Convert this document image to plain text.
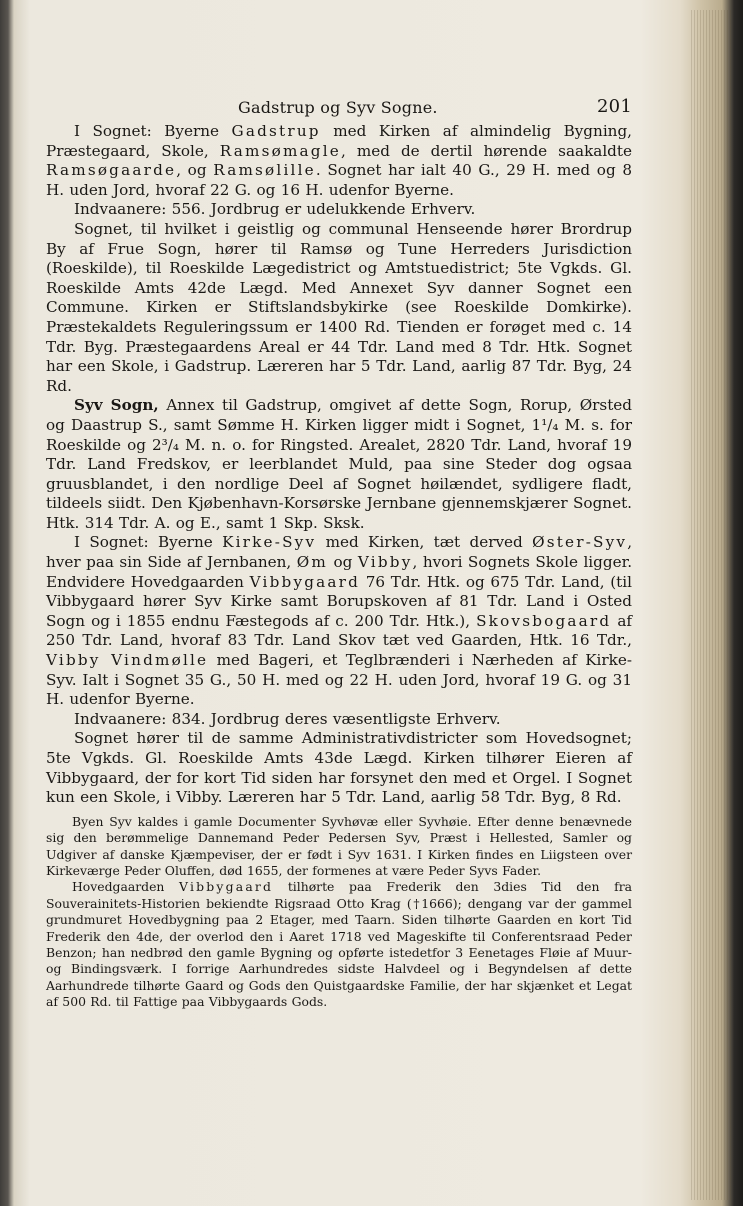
Gadstrup og Syv Sogne.	201

I Sognet: Byerne Gadstrup med Kirken af almindelig Bygning, Præstegaard, Skole, Ramsømagle, med de dertil hørende saakaldte Ramsøgaarde, og Ramsølille. Sognet har ialt 40 G., 29 H. med og 8 H. uden Jord, hvoraf 22 G. og 16 H. udenfor Byerne.

Indvaanere: 556. Jordbrug er udelukkende Erhverv.

Sognet, til hvilket i geistlig og communal Henseende hører Brordrup By af Frue Sogn, hører til Ramsø og Tune Herreders Jurisdiction (Roeskilde), til Roeskilde Lægedistrict og Amtstuedistrict; 5te Vgkds. Gl. Roeskilde Amts 42de Lægd. Med Annexet Syv danner Sognet een Commune. Kirken er Stiftslandsbykirke (see Roeskilde Domkirke). Præstekaldets Reguleringssum er 1400 Rd. Tienden er forøget med c. 14 Tdr. Byg. Præstegaardens Areal er 44 Tdr. Land med 8 Tdr. Htk. Sognet har een Skole, i Gadstrup. Læreren har 5 Tdr. Land, aarlig 87 Tdr. Byg, 24 Rd.

Syv Sogn, Annex til Gadstrup, omgivet af dette Sogn, Rorup, Ørsted og Daastrup S., samt Sømme H. Kirken ligger midt i Sognet, 1¹/₄ M. s. for Roeskilde og 2³/₄ M. n. o. for Ringsted. Arealet, 2820 Tdr. Land, hvoraf 19 Tdr. Land Fredskov, er leerblandet Muld, paa sine Steder dog ogsaa gruusblandet, i den nordlige Deel af Sognet høilændet, sydligere fladt, tildeels siidt. Den Kjøbenhavn-Korsørske Jernbane gjennemskjærer Sognet. Htk. 314 Tdr. A. og E., samt 1 Skp. Sksk.

I Sognet: Byerne Kirke-Syv med Kirken, tæt derved Øster-Syv, hver paa sin Side af Jernbanen, Øm og Vibby, hvori Sognets Skole ligger. Endvidere Hovedgaarden Vibbygaard 76 Tdr. Htk. og 675 Tdr. Land, (til Vibbygaard hører Syv Kirke samt Borupskoven af 81 Tdr. Land i Osted Sogn og i 1855 endnu Fæstegods af c. 200 Tdr. Htk.), Skovsbogaard af 250 Tdr. Land, hvoraf 83 Tdr. Land Skov tæt ved Gaarden, Htk. 16 Tdr., Vibby Vindmølle med Bageri, et Teglbrænderi i Nærheden af Kirke-Syv. Ialt i Sognet 35 G., 50 H. med og 22 H. uden Jord, hvoraf 19 G. og 31 H. udenfor Byerne.

Indvaanere: 834. Jordbrug deres væsentligste Erhverv.

Sognet hører til de samme Administrativdistricter som Hovedsognet; 5te Vgkds. Gl. Roeskilde Amts 43de Lægd. Kirken tilhører Eieren af Vibbygaard, der for kort Tid siden har forsynet den med et Orgel. I Sognet kun een Skole, i Vibby. Læreren har 5 Tdr. Land, aarlig 58 Tdr. Byg, 8 Rd.

Byen Syv kaldes i gamle Documenter Syvhøvæ eller Syvhøie. Efter denne benævnede sig den berømmelige Dannemand Peder Pedersen Syv, Præst i Hellested, Samler og Udgiver af danske Kjæmpeviser, der er født i Syv 1631. I Kirken findes en Liigsteen over Kirkeværge Peder Oluffen, død 1655, der formenes at være Peder Syvs Fader.

Hovedgaarden Vibbygaard tilhørte paa Frederik den 3dies Tid den fra Souverainitets-Historien bekiendte Rigsraad Otto Krag (†1666); dengang var der gammel grundmuret Hovedbygning paa 2 Etager, med Taarn. Siden tilhørte Gaarden en kort Tid Frederik den 4de, der overlod den i Aaret 1718 ved Mageskifte til Conferentsraad Peder Benzon; han nedbrød den gamle Bygning og opførte istedetfor 3 Eenetages Fløie af Muur- og Bindingsværk. I forrige Aarhundredes sidste Halvdeel og i Begyndelsen af dette Aarhundrede tilhørte Gaard og Gods den Quistgaardske Familie, der har skjænket et Legat af 500 Rd. til Fattige paa Vibbygaards Gods.
